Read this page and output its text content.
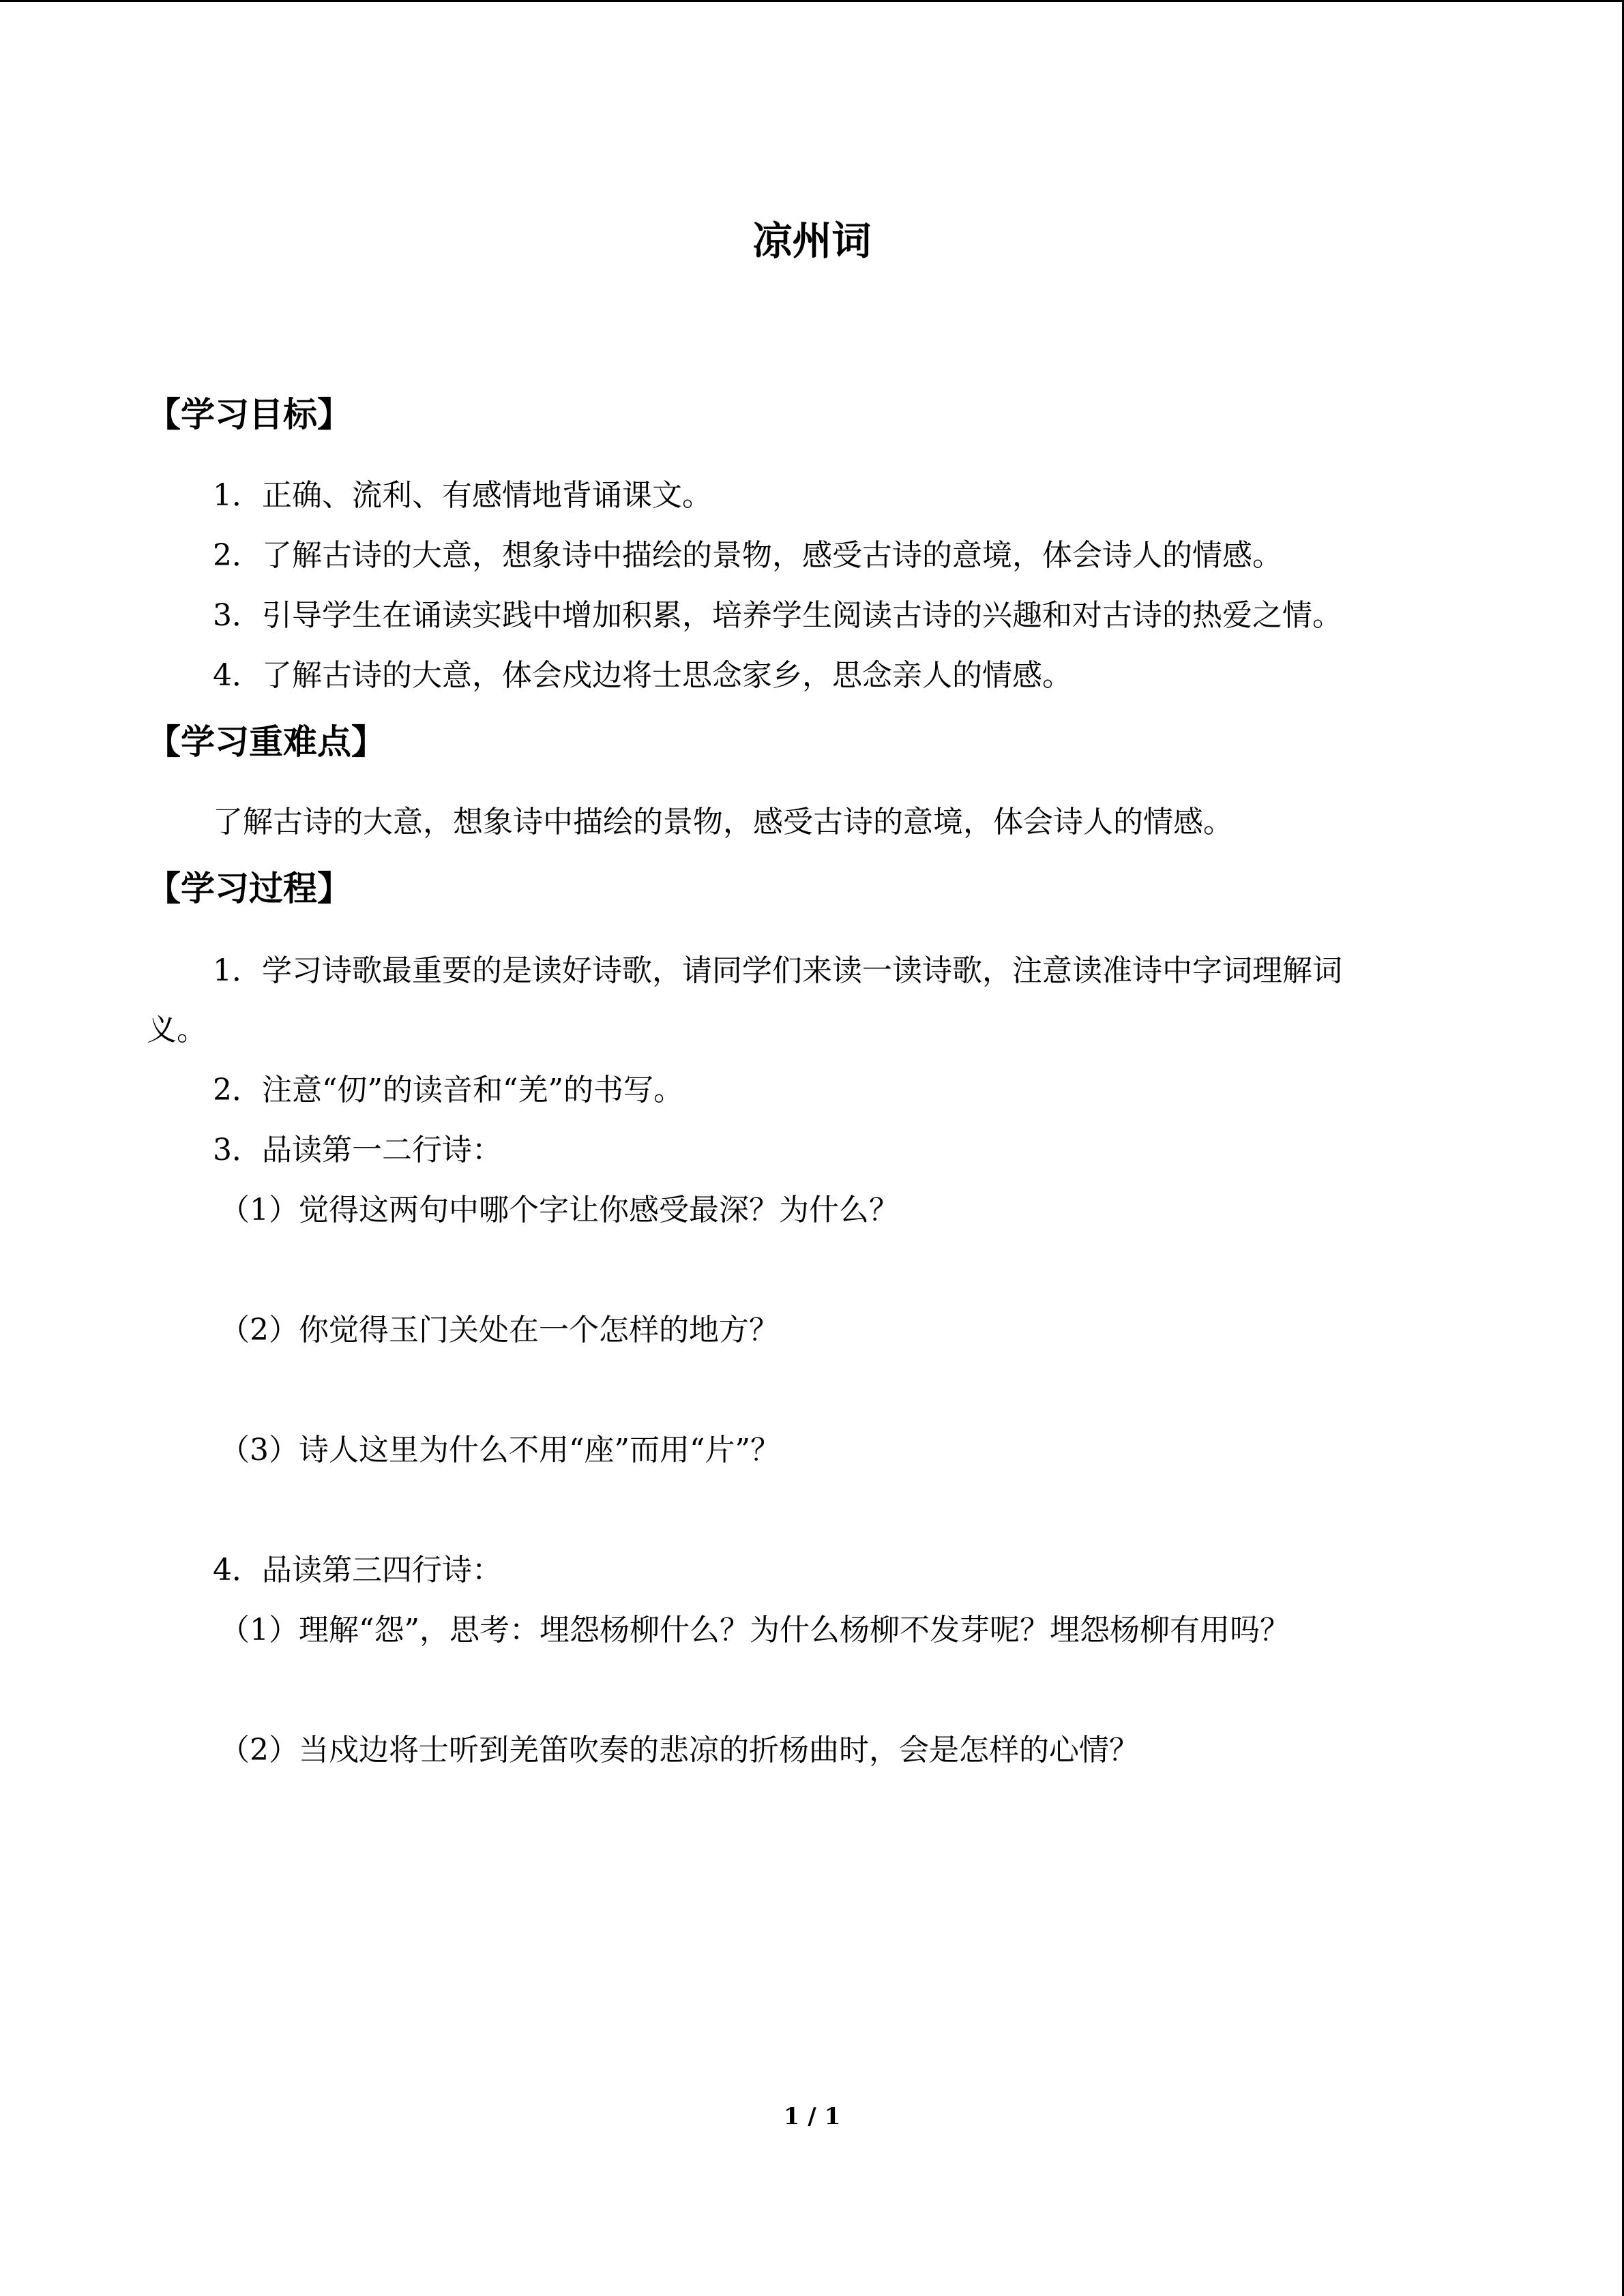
凉州词
【学习目标】
1．正确、流利、有感情地背诵课文。
2．了解古诗的大意，想象诗中描绘的景物，感受古诗的意境，体会诗人的情感。
3．引导学生在诵读实践中增加积累，培养学生阅读古诗的兴趣和对古诗的热爱之情。
4．了解古诗的大意，体会戍边将士思念家乡，思念亲人的情感。
【学习重难点】
了解古诗的大意，想象诗中描绘的景物，感受古诗的意境，体会诗人的情感。
【学习过程】
1．学习诗歌最重要的是读好诗歌，请同学们来读一读诗歌，注意读准诗中字词理解词
义。
2．注意“仞”的读音和“羌”的书写。
3．品读第一二行诗：
（1）觉得这两句中哪个字让你感受最深？为什么？
（2）你觉得玉门关处在一个怎样的地方？
（3）诗人这里为什么不用“座”而用“片”？
4．品读第三四行诗：
（1）理解“怨”，思考：埋怨杨柳什么？为什么杨柳不发芽呢？埋怨杨柳有用吗？
（2）当戍边将士听到羌笛吹奏的悲凉的折杨曲时，会是怎样的心情？
1 / 1
